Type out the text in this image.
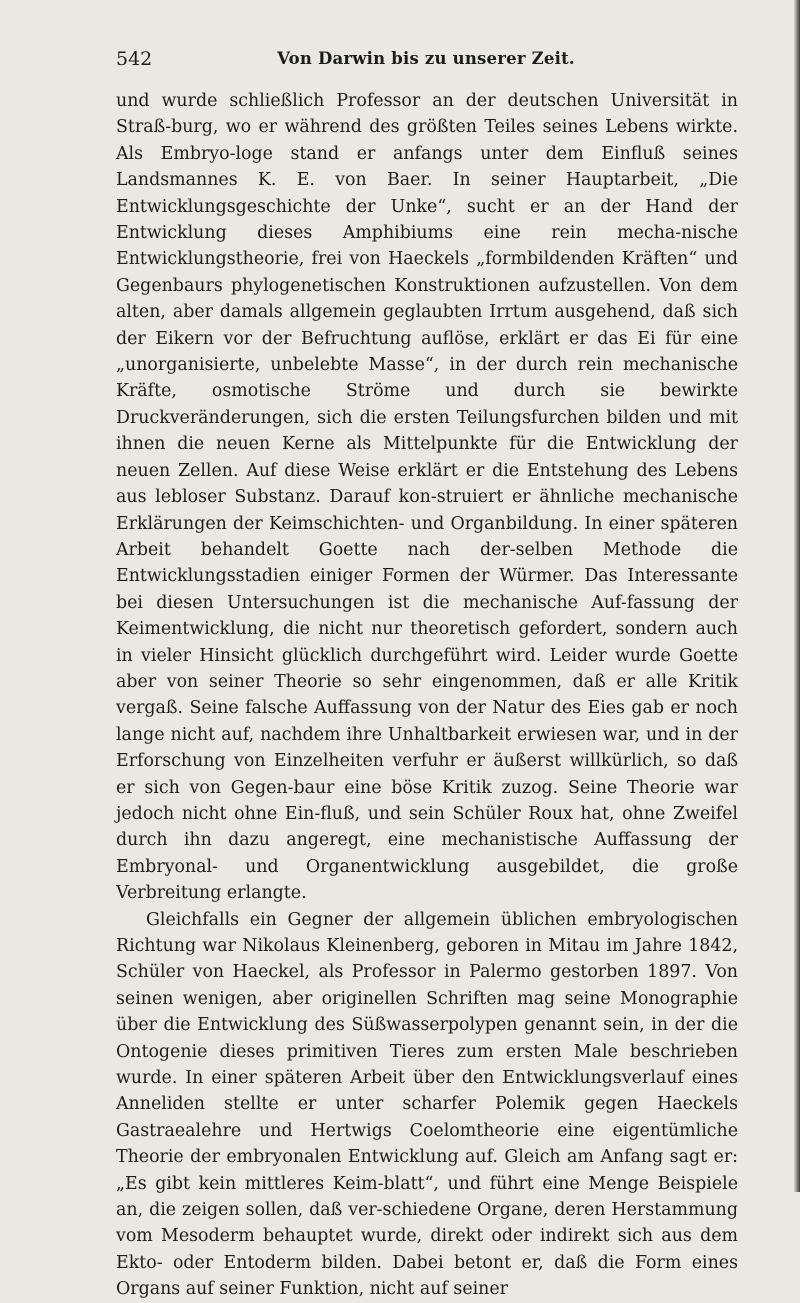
542	Von Darwin bis zu unserer Zeit.

und wurde schließlich Professor an der deutschen Universität in Straß-burg, wo er während des größten Teiles seines Lebens wirkte. Als Embryo-loge stand er anfangs unter dem Einfluß seines Landsmannes K. E. von Baer. In seiner Hauptarbeit, „Die Entwicklungsgeschichte der Unke“, sucht er an der Hand der Entwicklung dieses Amphibiums eine rein mecha-nische Entwicklungstheorie, frei von Haeckels „formbildenden Kräften“ und Gegenbaurs phylogenetischen Konstruktionen aufzustellen. Von dem alten, aber damals allgemein geglaubten Irrtum ausgehend, daß sich der Eikern vor der Befruchtung auflöse, erklärt er das Ei für eine „unorganisierte, unbelebte Masse“, in der durch rein mechanische Kräfte, osmotische Ströme und durch sie bewirkte Druckveränderungen, sich die ersten Teilungsfurchen bilden und mit ihnen die neuen Kerne als Mittelpunkte für die Entwicklung der neuen Zellen. Auf diese Weise erklärt er die Entstehung des Lebens aus lebloser Substanz. Darauf kon-struiert er ähnliche mechanische Erklärungen der Keimschichten- und Organbildung. In einer späteren Arbeit behandelt Goette nach der-selben Methode die Entwicklungsstadien einiger Formen der Würmer. Das Interessante bei diesen Untersuchungen ist die mechanische Auf-fassung der Keimentwicklung, die nicht nur theoretisch gefordert, sondern auch in vieler Hinsicht glücklich durchgeführt wird. Leider wurde Goette aber von seiner Theorie so sehr eingenommen, daß er alle Kritik vergaß. Seine falsche Auffassung von der Natur des Eies gab er noch lange nicht auf, nachdem ihre Unhaltbarkeit erwiesen war, und in der Erforschung von Einzelheiten verfuhr er äußerst willkürlich, so daß er sich von Gegen-baur eine böse Kritik zuzog. Seine Theorie war jedoch nicht ohne Ein-fluß, und sein Schüler Roux hat, ohne Zweifel durch ihn dazu angeregt, eine mechanistische Auffassung der Embryonal- und Organentwicklung ausgebildet, die große Verbreitung erlangte.

Gleichfalls ein Gegner der allgemein üblichen embryologischen Richtung war Nikolaus Kleinenberg, geboren in Mitau im Jahre 1842, Schüler von Haeckel, als Professor in Palermo gestorben 1897. Von seinen wenigen, aber originellen Schriften mag seine Monographie über die Entwicklung des Süßwasserpolypen genannt sein, in der die Ontogenie dieses primitiven Tieres zum ersten Male beschrieben wurde. In einer späteren Arbeit über den Entwicklungsverlauf eines Anneliden stellte er unter scharfer Polemik gegen Haeckels Gastraealehre und Hertwigs Coelomtheorie eine eigentümliche Theorie der embryonalen Entwicklung auf. Gleich am Anfang sagt er: „Es gibt kein mittleres Keim-blatt“, und führt eine Menge Beispiele an, die zeigen sollen, daß ver-schiedene Organe, deren Herstammung vom Mesoderm behauptet wurde, direkt oder indirekt sich aus dem Ekto- oder Entoderm bilden. Dabei betont er, daß die Form eines Organs auf seiner Funktion, nicht auf seiner
